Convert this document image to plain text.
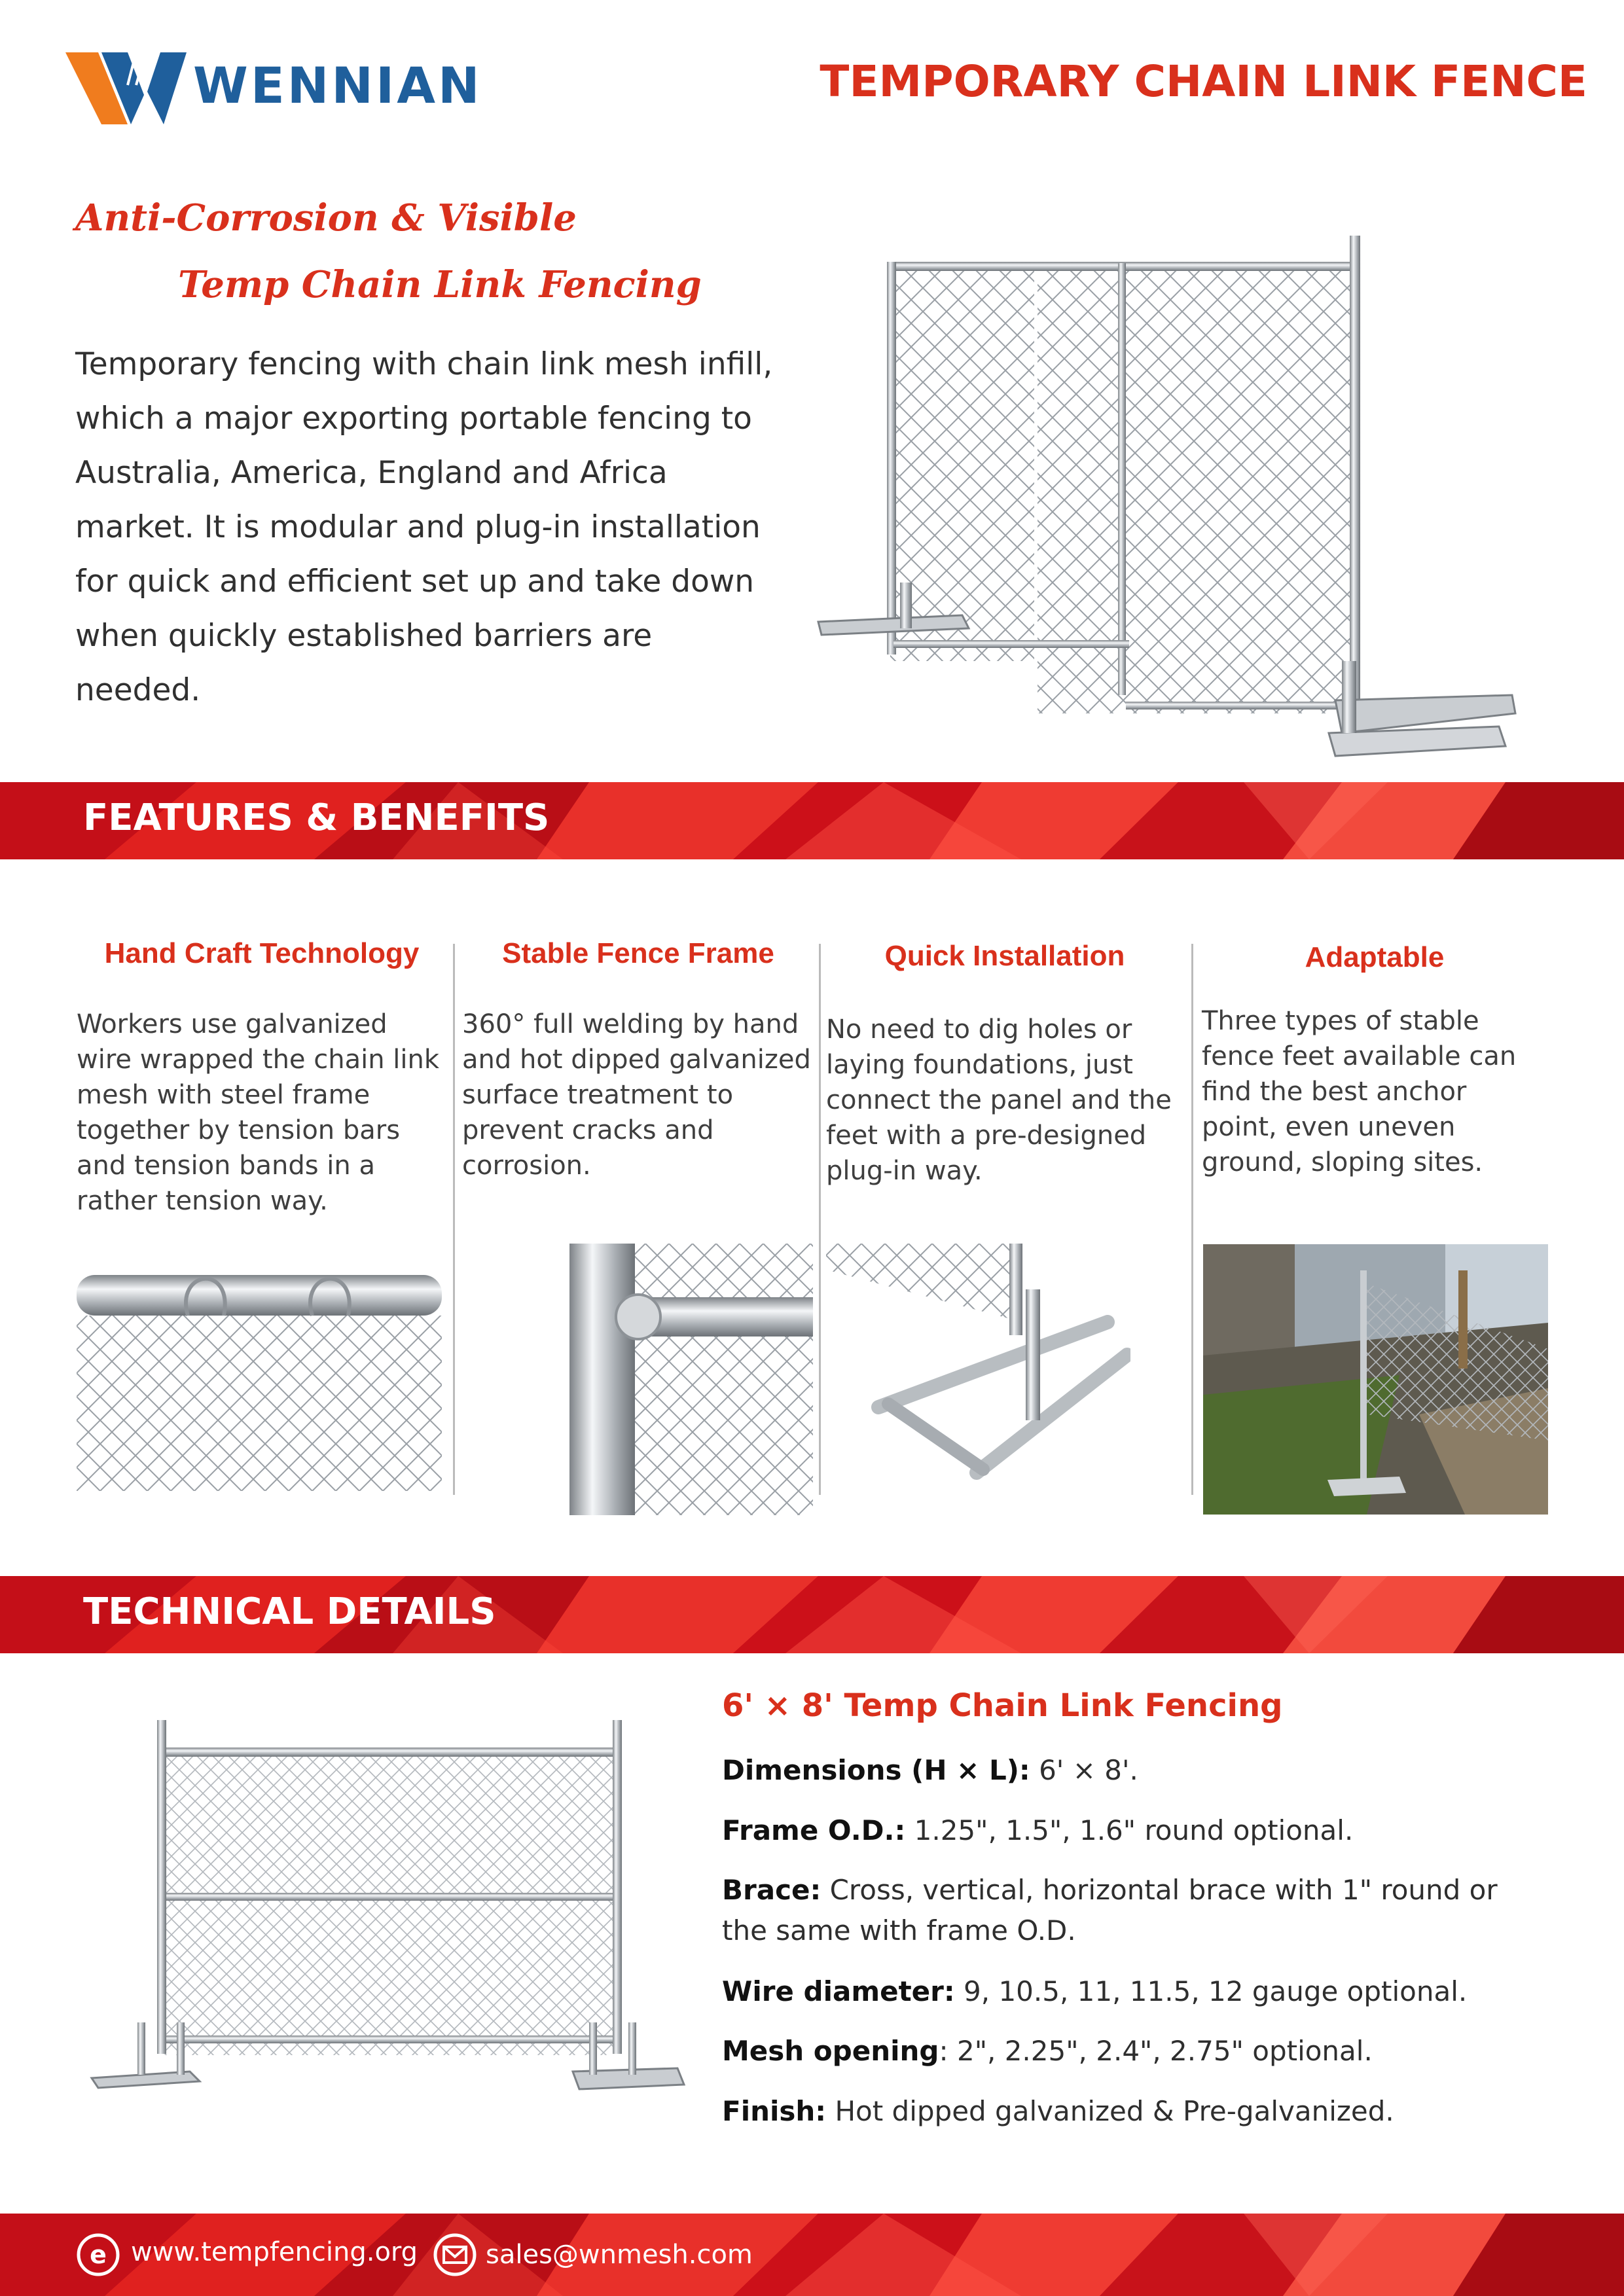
WENNIAN	TEMPORARY CHAIN LINK FENCE
Anti-Corrosion & Visible
Temp Chain Link Fencing
Temporary fencing with chain link mesh infill, which a major exporting portable fencing to Australia, America, England and Africa market. It is modular and plug-in installation for quick and efficient set up and take down when quickly established barriers are needed.
FEATURES & BENEFITS
Hand Craft Technology
Workers use galvanized wire wrapped the chain link mesh with steel frame together by tension bars and tension bands in a rather tension way.
Stable Fence Frame
360° full welding by hand and hot dipped galvanized surface treatment to prevent cracks and corrosion.
Quick Installation
No need to dig holes or laying foundations, just connect the panel and the feet with a pre-designed plug-in way.
Adaptable
Three types of stable fence feet available can find the best anchor point, even uneven ground, sloping sites.
TECHNICAL DETAILS
6' × 8' Temp Chain Link Fencing
Dimensions (H × L): 6' × 8'.
Frame O.D.: 1.25", 1.5", 1.6" round optional.
Brace: Cross, vertical, horizontal brace with 1" round or the same with frame O.D.
Wire diameter: 9, 10.5, 11, 11.5, 12 gauge optional.
Mesh opening: 2", 2.25", 2.4", 2.75" optional.
Finish: Hot dipped galvanized & Pre-galvanized.
e www.tempfencing.org	sales@wnmesh.com
